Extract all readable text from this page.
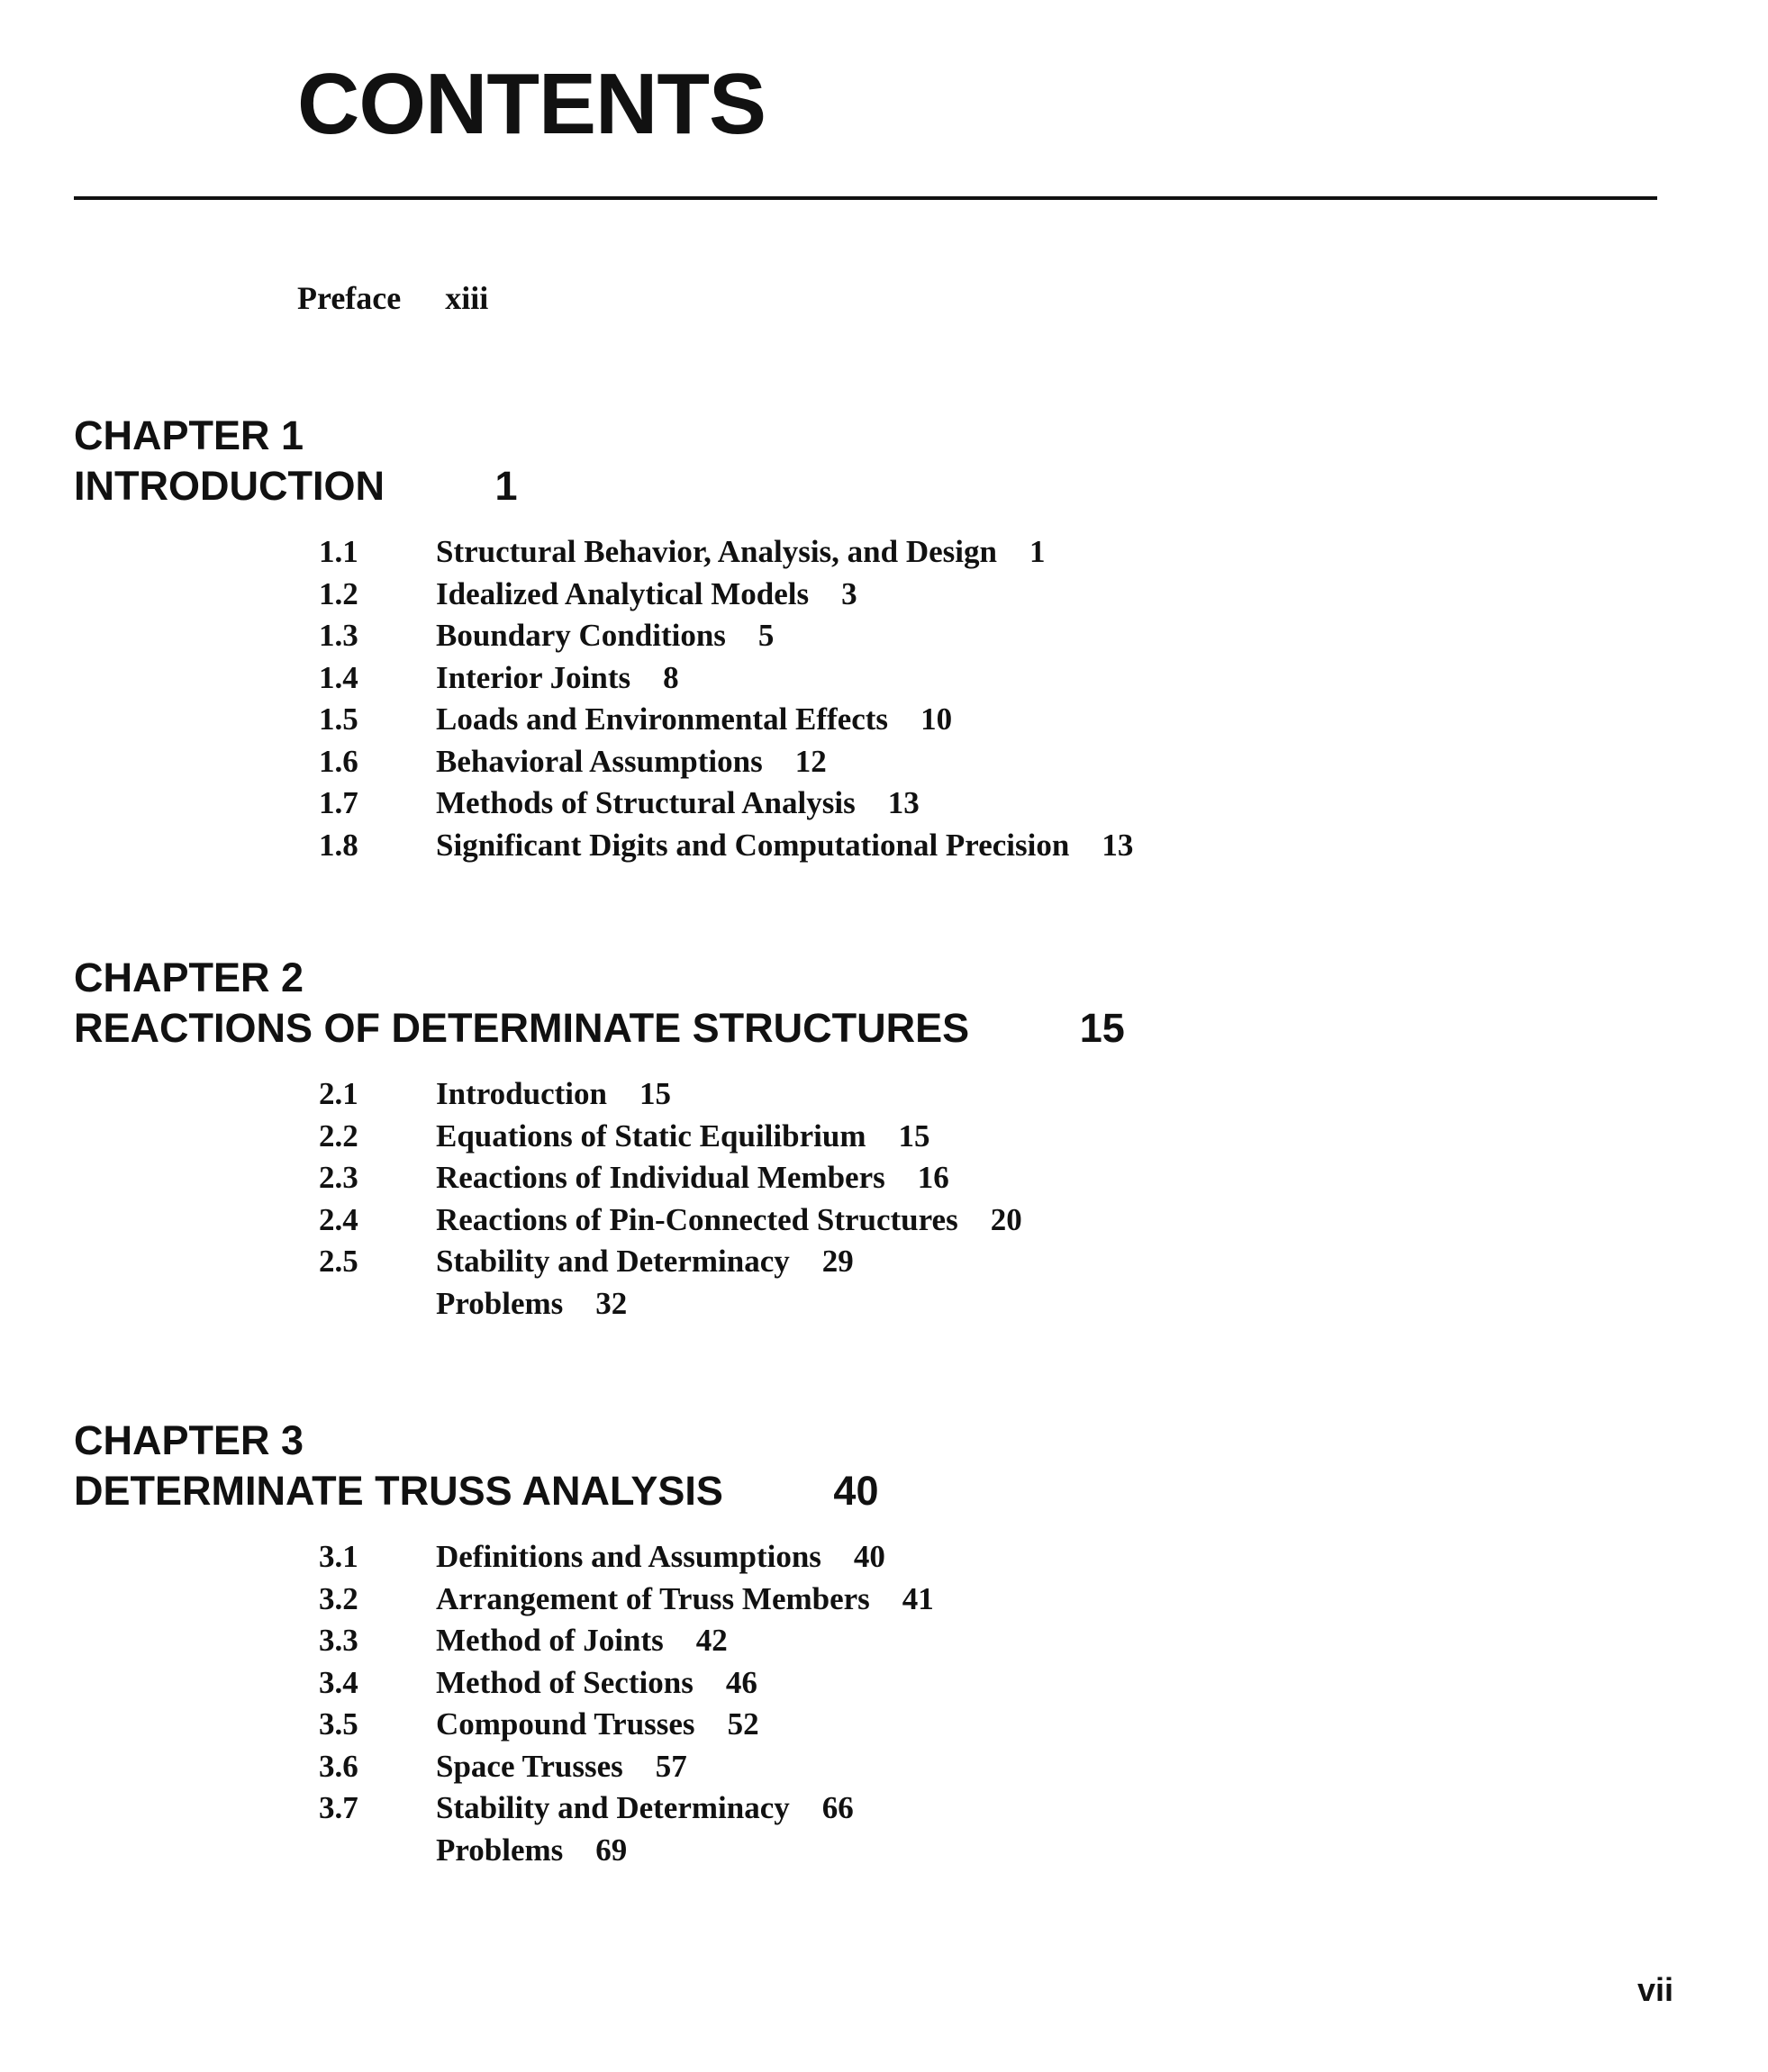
CONTENTS
Preface xiii
CHAPTER 1
INTRODUCTION	1
1.1 Structural Behavior, Analysis, and Design 1
1.2 Idealized Analytical Models 3
1.3 Boundary Conditions 5
1.4 Interior Joints 8
1.5 Loads and Environmental Effects 10
1.6 Behavioral Assumptions 12
1.7 Methods of Structural Analysis 13
1.8 Significant Digits and Computational Precision 13
CHAPTER 2
REACTIONS OF DETERMINATE STRUCTURES	15
2.1 Introduction 15
2.2 Equations of Static Equilibrium 15
2.3 Reactions of Individual Members 16
2.4 Reactions of Pin-Connected Structures 20
2.5 Stability and Determinacy 29
Problems 32
CHAPTER 3
DETERMINATE TRUSS ANALYSIS	40
3.1 Definitions and Assumptions 40
3.2 Arrangement of Truss Members 41
3.3 Method of Joints 42
3.4 Method of Sections 46
3.5 Compound Trusses 52
3.6 Space Trusses 57
3.7 Stability and Determinacy 66
Problems 69
vii
